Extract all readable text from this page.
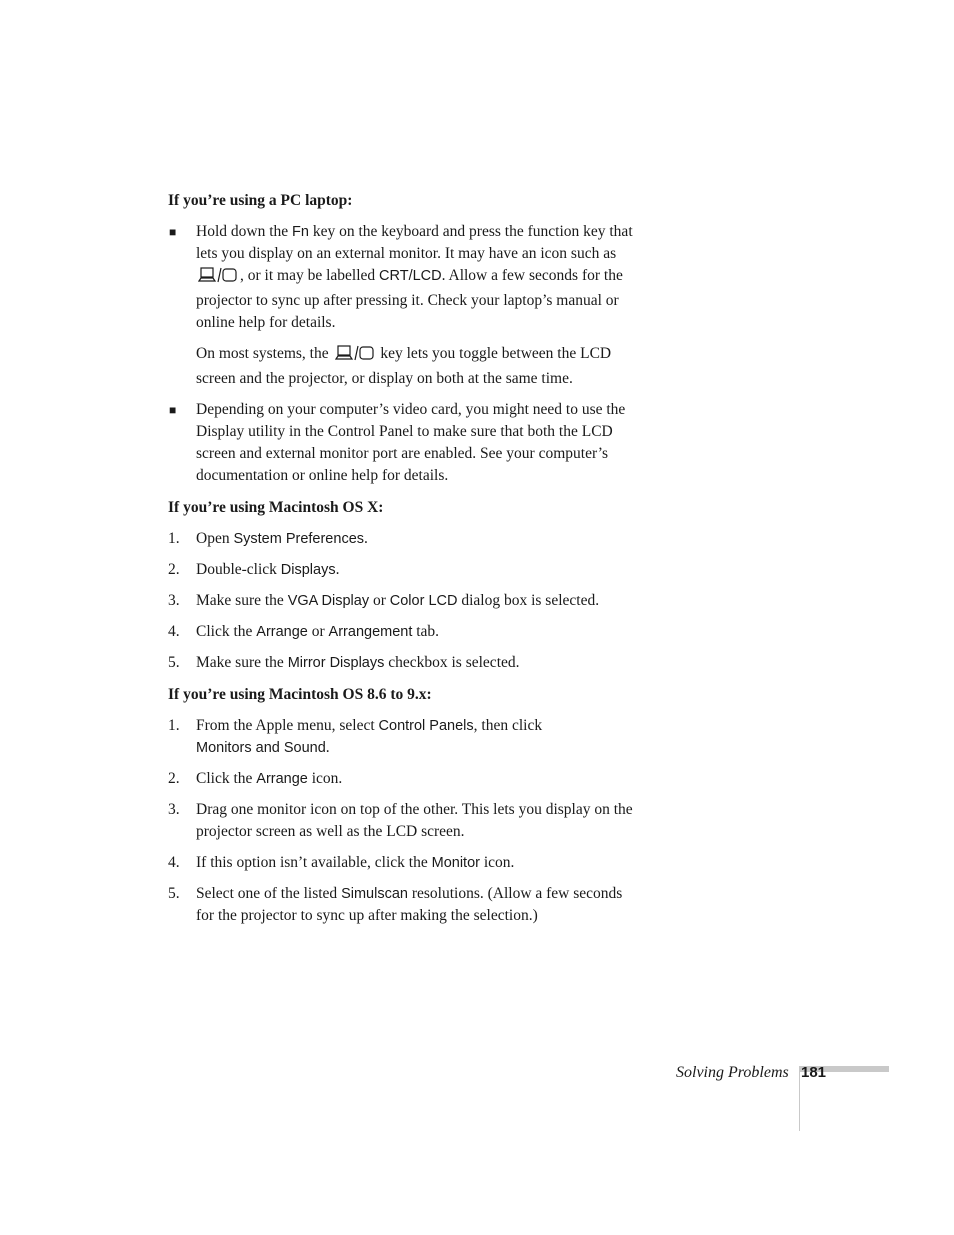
If you’re using a PC laptop:

■ Hold down the Fn key on the keyboard and press the function key that lets you display on an external monitor. It may have an icon such as , or it may be labelled CRT/LCD. Allow a few seconds for the projector to sync up after pressing it. Check your laptop’s manual or online help for details.

On most systems, the	key lets you toggle between the LCD screen and the projector, or display on both at the same time.

■ Depending on your computer’s video card, you might need to use the Display utility in the Control Panel to make sure that both the LCD screen and external monitor port are enabled. See your computer’s documentation or online help for details.

If you’re using Macintosh OS X:

1. Open System Preferences.
2. Double-click Displays.
3. Make sure the VGA Display or Color LCD dialog box is selected.
4. Click the Arrange or Arrangement tab.
5. Make sure the Mirror Displays checkbox is selected.

If you’re using Macintosh OS 8.6 to 9.x:

1. From the Apple menu, select Control Panels, then click
Monitors and Sound.
2. Click the Arrange icon.
3. Drag one monitor icon on top of the other. This lets you display on the projector screen as well as the LCD screen.
4. If this option isn’t available, click the Monitor icon.
5. Select one of the listed Simulscan resolutions. (Allow a few seconds for the projector to sync up after making the selection.)
Solving Problems 181
